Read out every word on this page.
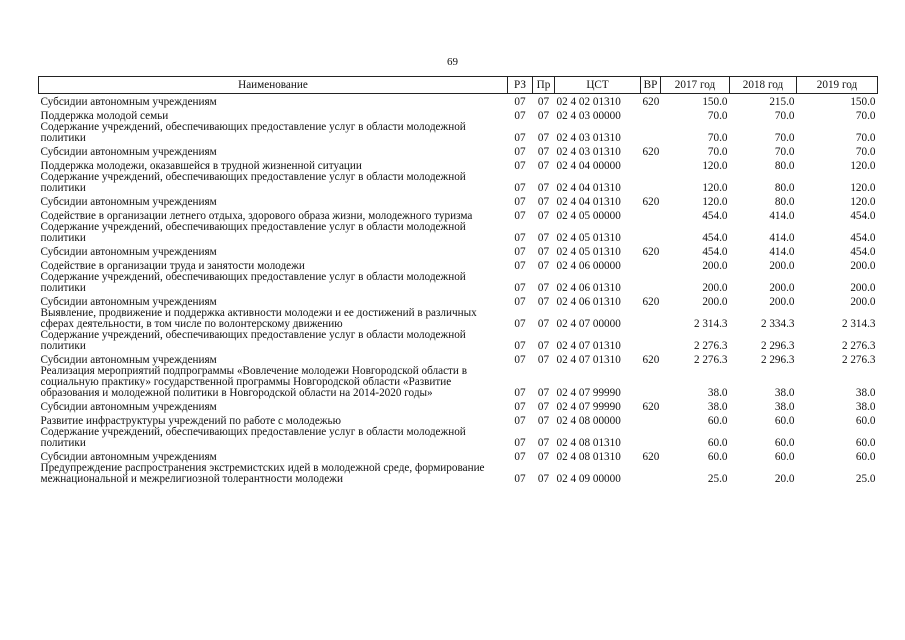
69
Наименование	РЗ	Пр	ЦСТ	ВР	2017 год	2018 год	2019 год
Субсидии автономным учреждениям	07	07	02 4 02 01310	620	150.0	215.0	150.0
Поддержка молодой семьи	07	07	02 4 03 00000		70.0	70.0	70.0
Содержание учреждений, обеспечивающих предоставление услуг в области молодежной политики	07	07	02 4 03 01310		70.0	70.0	70.0
Субсидии автономным учреждениям	07	07	02 4 03 01310	620	70.0	70.0	70.0
Поддержка молодежи, оказавшейся в трудной жизненной ситуации	07	07	02 4 04 00000		120.0	80.0	120.0
Содержание учреждений, обеспечивающих предоставление услуг в области молодежной политики	07	07	02 4 04 01310		120.0	80.0	120.0
Субсидии автономным учреждениям	07	07	02 4 04 01310	620	120.0	80.0	120.0
Содействие в организации летнего отдыха, здорового образа жизни, молодежного туризма	07	07	02 4 05 00000		454.0	414.0	454.0
Содержание учреждений, обеспечивающих предоставление услуг в области молодежной политики	07	07	02 4 05 01310		454.0	414.0	454.0
Субсидии автономным учреждениям	07	07	02 4 05 01310	620	454.0	414.0	454.0
Содействие в организации труда и занятости молодежи	07	07	02 4 06 00000		200.0	200.0	200.0
Содержание учреждений, обеспечивающих предоставление услуг в области молодежной политики	07	07	02 4 06 01310		200.0	200.0	200.0
Субсидии автономным учреждениям	07	07	02 4 06 01310	620	200.0	200.0	200.0
Выявление, продвижение и поддержка активности молодежи и ее достижений в различных сферах деятельности, в том числе по волонтерскому движению	07	07	02 4 07 00000		2 314.3	2 334.3	2 314.3
Содержание учреждений, обеспечивающих предоставление услуг в области молодежной политики	07	07	02 4 07 01310		2 276.3	2 296.3	2 276.3
Субсидии автономным учреждениям	07	07	02 4 07 01310	620	2 276.3	2 296.3	2 276.3
Реализация мероприятий подпрограммы «Вовлечение молодежи Новгородской области в социальную практику» государственной программы Новгородской области «Развитие образования и молодежной политики в Новгородской области на 2014-2020 годы»	07	07	02 4 07 99990		38.0	38.0	38.0
Субсидии автономным учреждениям	07	07	02 4 07 99990	620	38.0	38.0	38.0
Развитие инфраструктуры учреждений по работе с молодежью	07	07	02 4 08 00000		60.0	60.0	60.0
Содержание учреждений, обеспечивающих предоставление услуг в области молодежной политики	07	07	02 4 08 01310		60.0	60.0	60.0
Субсидии автономным учреждениям	07	07	02 4 08 01310	620	60.0	60.0	60.0
Предупреждение распространения экстремистских идей в молодежной среде, формирование межнациональной и межрелигиозной толерантности молодежи	07	07	02 4 09 00000		25.0	20.0	25.0
